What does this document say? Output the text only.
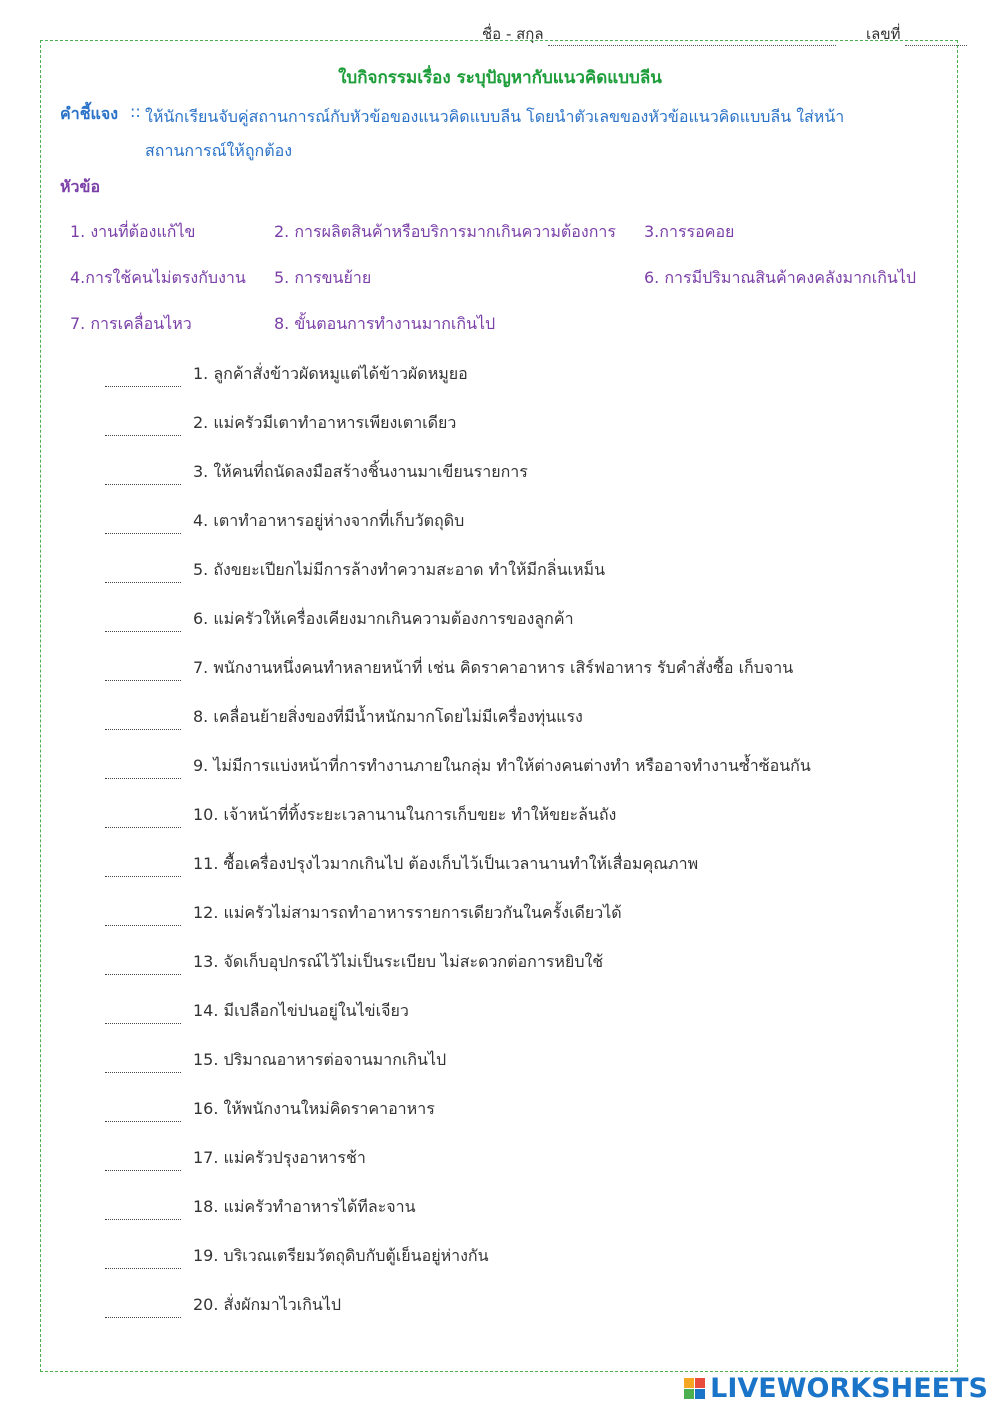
ชื่อ - สกุล	เลขที่
ใบกิจกรรมเรื่อง ระบุปัญหากับแนวคิดแบบลีน
คำชี้แจง :: ให้นักเรียนจับคู่สถานการณ์กับหัวข้อของแนวคิดแบบลีน โดยนำตัวเลขของหัวข้อแนวคิดแบบลีน ใส่หน้าสถานการณ์ให้ถูกต้อง

หัวข้อ
1. งานที่ต้องแก้ไข	2. การผลิตสินค้าหรือบริการมากเกินความต้องการ 3.การรอคอย
4.การใช้คนไม่ตรงกับงาน 5. การขนย้าย	6. การมีปริมาณสินค้าคงคลังมากเกินไป
7. การเคลื่อนไหว	8. ขั้นตอนการทำงานมากเกินไป
1. ลูกค้าสั่งข้าวผัดหมูแต่ได้ข้าวผัดหมูยอ
2. แม่ครัวมีเตาทำอาหารเพียงเตาเดียว
3. ให้คนที่ถนัดลงมือสร้างชิ้นงานมาเขียนรายการ
4. เตาทำอาหารอยู่ห่างจากที่เก็บวัตถุดิบ
5. ถังขยะเปียกไม่มีการล้างทำความสะอาด ทำให้มีกลิ่นเหม็น
6. แม่ครัวให้เครื่องเคียงมากเกินความต้องการของลูกค้า
7. พนักงานหนึ่งคนทำหลายหน้าที่ เช่น คิดราคาอาหาร เสิร์ฟอาหาร รับคำสั่งซื้อ เก็บจาน
8. เคลื่อนย้ายสิ่งของที่มีน้ำหนักมากโดยไม่มีเครื่องทุ่นแรง
9. ไม่มีการแบ่งหน้าที่การทำงานภายในกลุ่ม ทำให้ต่างคนต่างทำ หรืออาจทำงานซ้ำซ้อนกัน
10. เจ้าหน้าที่ทิ้งระยะเวลานานในการเก็บขยะ ทำให้ขยะล้นถัง
11. ซื้อเครื่องปรุงไวมากเกินไป ต้องเก็บไว้เป็นเวลานานทำให้เสื่อมคุณภาพ
12. แม่ครัวไม่สามารถทำอาหารรายการเดียวกันในครั้งเดียวได้
13. จัดเก็บอุปกรณ์ไว้ไม่เป็นระเบียบ ไม่สะดวกต่อการหยิบใช้
14. มีเปลือกไข่ปนอยู่ในไข่เจียว
15. ปริมาณอาหารต่อจานมากเกินไป
16. ให้พนักงานใหม่คิดราคาอาหาร
17. แม่ครัวปรุงอาหารช้า
18. แม่ครัวทำอาหารได้ทีละจาน
19. บริเวณเตรียมวัตถุดิบกับตู้เย็นอยู่ห่างกัน
20. สั่งผักมาไวเกินไป
LIVEWORKSHEETS
